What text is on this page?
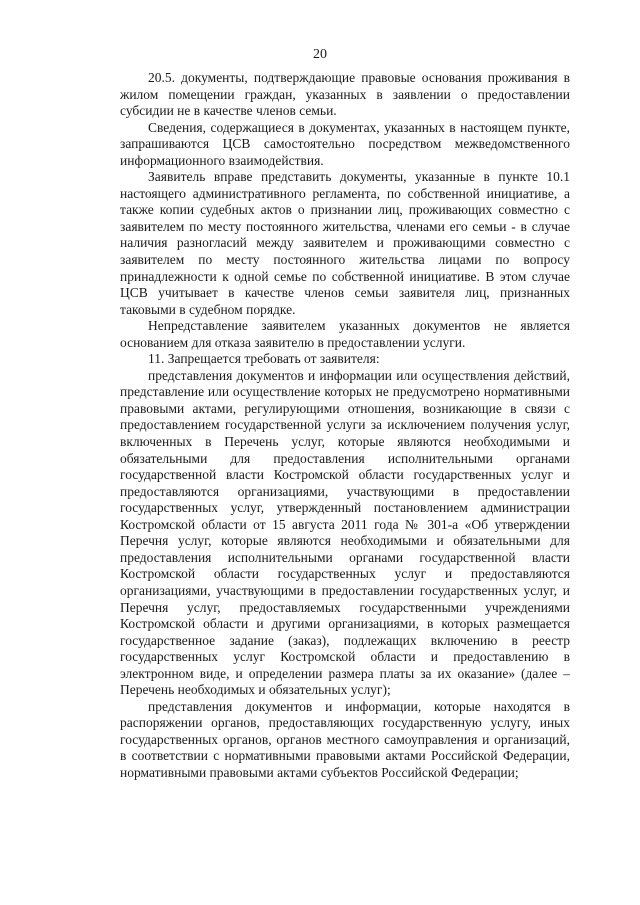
20

20.5. документы, подтверждающие правовые основания проживания в жилом помещении граждан, указанных в заявлении о предоставлении субсидии не в качестве членов семьи.

Сведения, содержащиеся в документах, указанных в настоящем пункте, запрашиваются ЦСВ самостоятельно посредством межведомственного информационного взаимодействия.

Заявитель вправе представить документы, указанные в пункте 10.1 настоящего административного регламента, по собственной инициативе, а также копии судебных актов о признании лиц, проживающих совместно с заявителем по месту постоянного жительства, членами его семьи - в случае наличия разногласий между заявителем и проживающими совместно с заявителем по месту постоянного жительства лицами по вопросу принадлежности к одной семье по собственной инициативе. В этом случае ЦСВ учитывает в качестве членов семьи заявителя лиц, признанных таковыми в судебном порядке.

Непредставление заявителем указанных документов не является основанием для отказа заявителю в предоставлении услуги.

11. Запрещается требовать от заявителя:

представления документов и информации или осуществления действий, представление или осуществление которых не предусмотрено нормативными правовыми актами, регулирующими отношения, возникающие в связи с предоставлением государственной услуги за исключением получения услуг, включенных в Перечень услуг, которые являются необходимыми и обязательными для предоставления исполнительными органами государственной власти Костромской области государственных услуг и предоставляются организациями, участвующими в предоставлении государственных услуг, утвержденный постановлением администрации Костромской области от 15 августа 2011 года № 301-а «Об утверждении Перечня услуг, которые являются необходимыми и обязательными для предоставления исполнительными органами государственной власти Костромской области государственных услуг и предоставляются организациями, участвующими в предоставлении государственных услуг, и Перечня услуг, предоставляемых государственными учреждениями Костромской области и другими организациями, в которых размещается государственное задание (заказ), подлежащих включению в реестр государственных услуг Костромской области и предоставлению в электронном виде, и определении размера платы за их оказание» (далее – Перечень необходимых и обязательных услуг);

представления документов и информации, которые находятся в распоряжении органов, предоставляющих государственную услугу, иных государственных органов, органов местного самоуправления и организаций, в соответствии с нормативными правовыми актами Российской Федерации, нормативными правовыми актами субъектов Российской Федерации;
